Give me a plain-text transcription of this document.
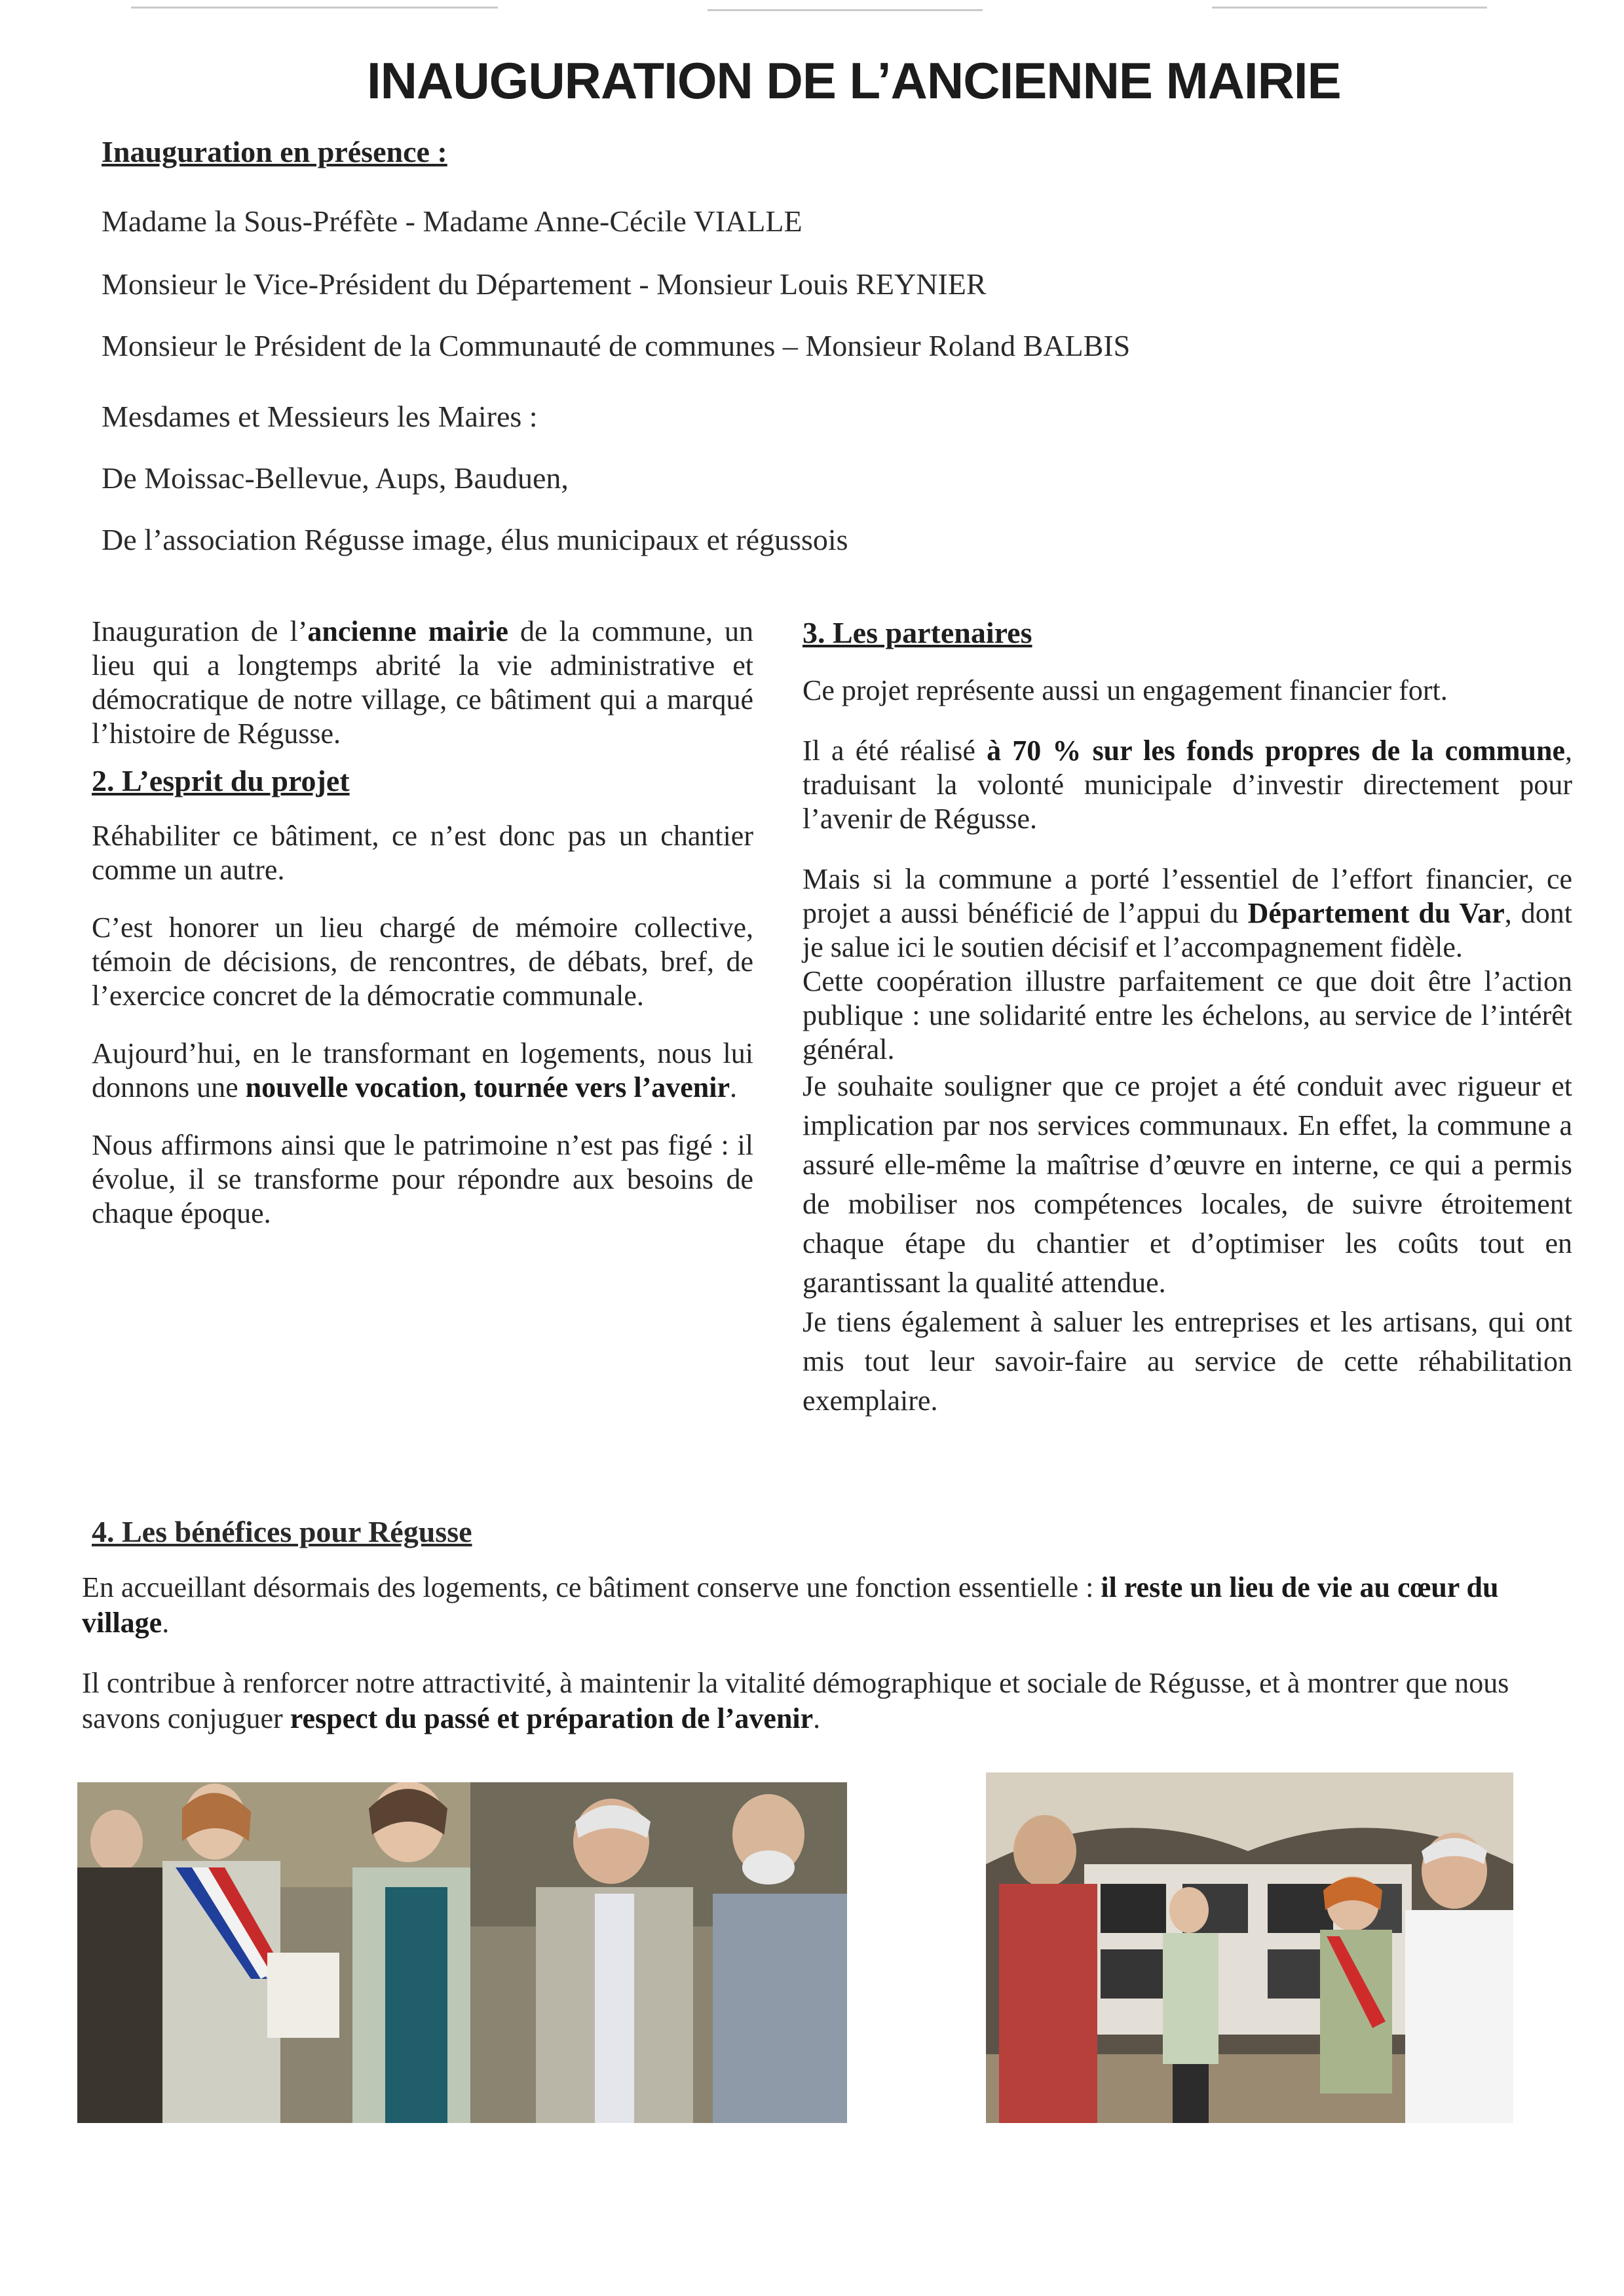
INAUGURATION DE L’ANCIENNE MAIRIE
Inauguration en présence :
Madame la Sous-Préfète - Madame Anne-Cécile VIALLE
Monsieur le Vice-Président du Département - Monsieur Louis REYNIER
Monsieur le Président de la Communauté de communes – Monsieur Roland BALBIS
Mesdames et Messieurs les Maires :
De Moissac-Bellevue, Aups, Bauduen,
De l’association Régusse image, élus municipaux et régussois

Inauguration de l’ancienne mairie de la commune, un lieu qui a longtemps abrité la vie administrative et démocratique de notre village, ce bâtiment qui a marqué l’histoire de Régusse.

2. L’esprit du projet

Réhabiliter ce bâtiment, ce n’est donc pas un chantier comme un autre.

C’est honorer un lieu chargé de mémoire collective, témoin de décisions, de rencontres, de débats, bref, de l’exercice concret de la démocratie communale.

Aujourd’hui, en le transformant en logements, nous lui donnons une nouvelle vocation, tournée vers l’avenir.

Nous affirmons ainsi que le patrimoine n’est pas figé : il évolue, il se transforme pour répondre aux besoins de chaque époque.

3. Les partenaires

Ce projet représente aussi un engagement financier fort.

Il a été réalisé à 70 % sur les fonds propres de la commune, traduisant la volonté municipale d’investir directement pour l’avenir de Régusse.

Mais si la commune a porté l’essentiel de l’effort financier, ce projet a aussi bénéficié de l’appui du Département du Var, dont je salue ici le soutien décisif et l’accompagnement fidèle.

Cette coopération illustre parfaitement ce que doit être l’action publique : une solidarité entre les échelons, au service de l’intérêt général.

Je souhaite souligner que ce projet a été conduit avec rigueur et implication par nos services communaux. En effet, la commune a assuré elle-même la maîtrise d’œuvre en interne, ce qui a permis de mobiliser nos compétences locales, de suivre étroitement chaque étape du chantier et d’optimiser les coûts tout en garantissant la qualité attendue.

Je tiens également à saluer les entreprises et les artisans, qui ont mis tout leur savoir-faire au service de cette réhabilitation exemplaire.

4. Les bénéfices pour Régusse

En accueillant désormais des logements, ce bâtiment conserve une fonction essentielle : il reste un lieu de vie au cœur du village.

Il contribue à renforcer notre attractivité, à maintenir la vitalité démographique et sociale de Régusse, et à montrer que nous savons conjuguer respect du passé et préparation de l’avenir.
